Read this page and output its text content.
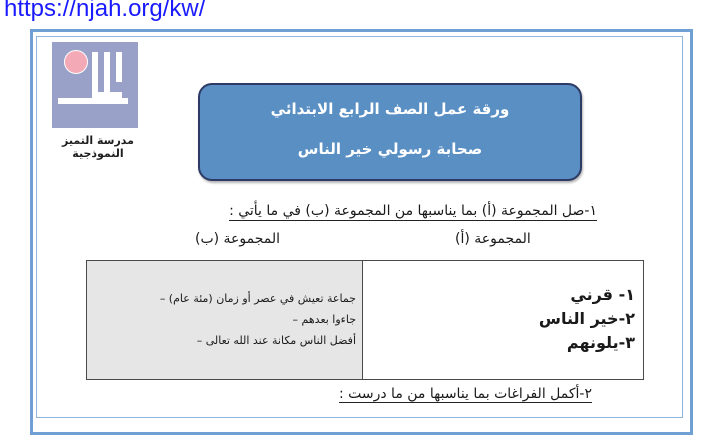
https://njah.org/kw/
مدرسة التميز النموذجية
ورقة عمل الصف الرابع الابتدائي
صحابة رسولي خير الناس
١-صل المجموعة (أ) بما يناسبها من المجموعة (ب) في ما يأتي :
المجموعة (ب)	المجموعة (أ)
جماعة تعيش في عصر أو زمان (مئة عام) –
جاءوا بعدهم –
أفضل الناس مكانة عند الله تعالى –
١- قرني
٢-خير الناس
٣-يلونهم
٢-أكمل الفراغات بما يناسبها من ما درست :
